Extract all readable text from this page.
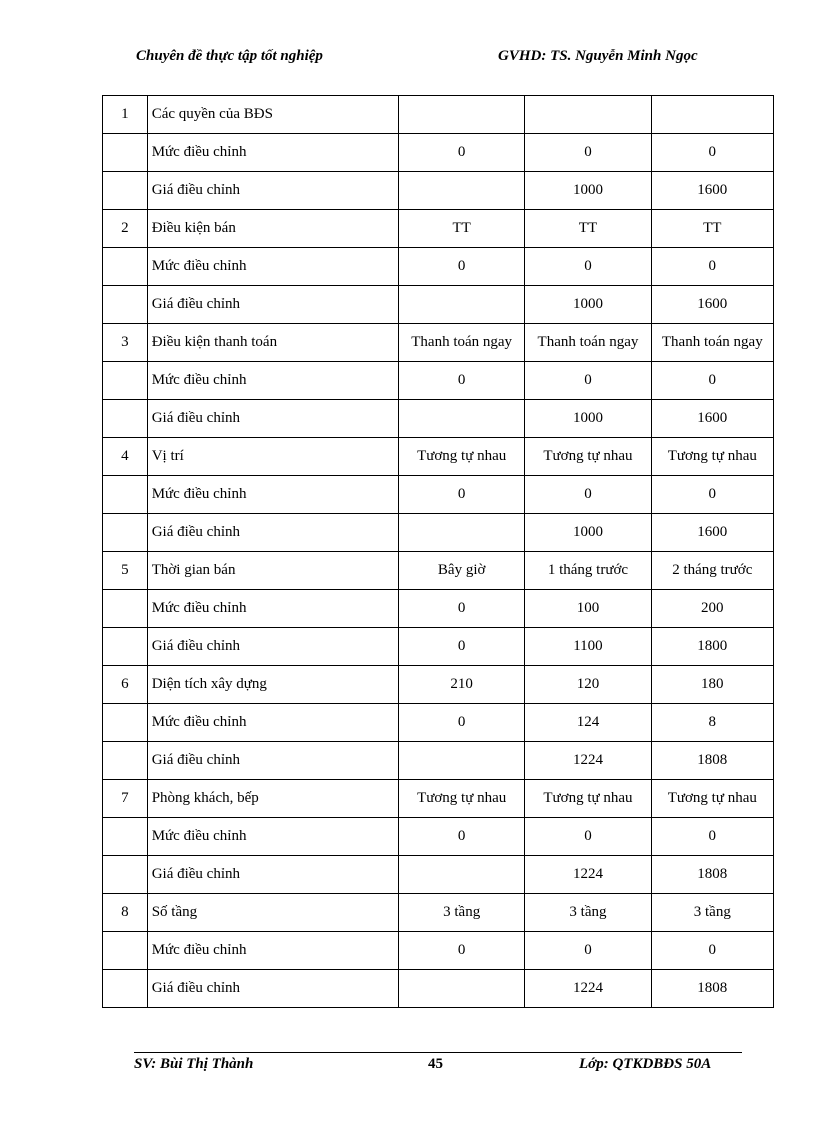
Chuyên đề thực tập tốt nghiệp	GVHD: TS. Nguyễn Minh Ngọc
1	Các quyền của BĐS			
	Mức điều chỉnh	0	0	0
	Giá điều chỉnh		1000	1600
2	Điều kiện bán	TT	TT	TT
	Mức điều chỉnh	0	0	0
	Giá điều chỉnh		1000	1600
3	Điều kiện thanh toán	Thanh toán ngay	Thanh toán ngay	Thanh toán ngay
	Mức điều chỉnh	0	0	0
	Giá điều chỉnh		1000	1600
4	Vị trí	Tương tự nhau	Tương tự nhau	Tương tự nhau
	Mức điều chỉnh	0	0	0
	Giá điều chỉnh		1000	1600
5	Thời gian bán	Bây giờ	1 tháng trước	2 tháng trước
	Mức điều chỉnh	0	100	200
	Giá điều chỉnh	0	1100	1800
6	Diện tích xây dựng	210	120	180
	Mức điều chỉnh	0	124	8
	Giá điều chỉnh		1224	1808
7	Phòng khách, bếp	Tương tự nhau	Tương tự nhau	Tương tự nhau
	Mức điều chỉnh	0	0	0
	Giá điều chỉnh		1224	1808
8	Số tầng	3 tầng	3 tầng	3 tầng
	Mức điều chỉnh	0	0	0
	Giá điều chỉnh		1224	1808
SV: Bùi Thị Thành	45	Lớp: QTKDBĐS 50A
